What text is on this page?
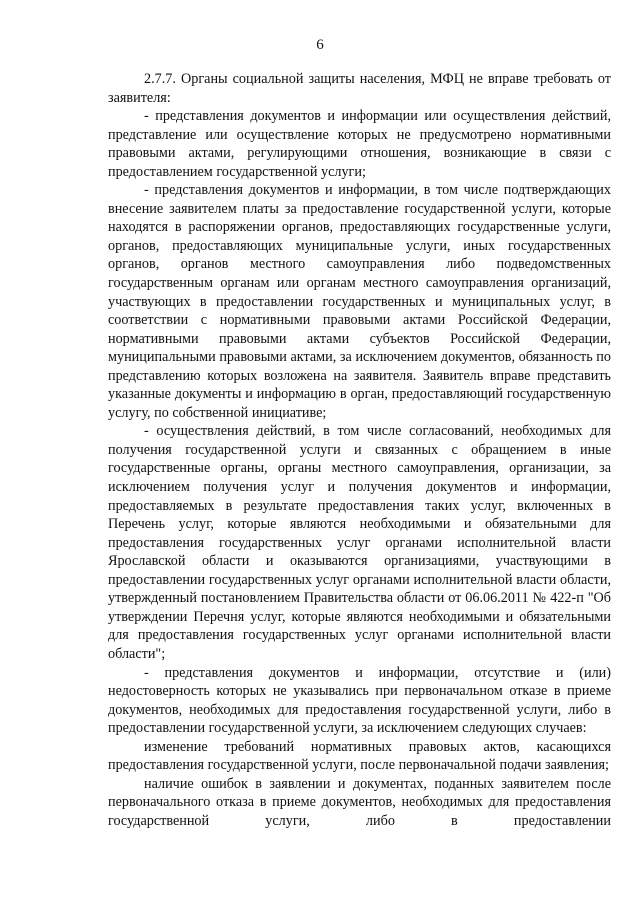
6

2.7.7. Органы социальной защиты населения, МФЦ не вправе требовать от заявителя:

- представления документов и информации или осуществления действий, представление или осуществление которых не предусмотрено нормативными правовыми актами, регулирующими отношения, возникающие в связи с предоставлением государственной услуги;

- представления документов и информации, в том числе подтверждающих внесение заявителем платы за предоставление государственной услуги, которые находятся в распоряжении органов, предоставляющих государственные услуги, органов, предоставляющих муниципальные услуги, иных государственных органов, органов местного самоуправления либо подведомственных государственным органам или органам местного самоуправления организаций, участвующих в предоставлении государственных и муниципальных услуг, в соответствии с нормативными правовыми актами Российской Федерации, нормативными правовыми актами субъектов Российской Федерации, муниципальными правовыми актами, за исключением документов, обязанность по представлению которых возложена на заявителя. Заявитель вправе представить указанные документы и информацию в орган, предоставляющий государственную услугу, по собственной инициативе;

- осуществления действий, в том числе согласований, необходимых для получения государственной услуги и связанных с обращением в иные государственные органы, органы местного самоуправления, организации, за исключением получения услуг и получения документов и информации, предоставляемых в результате предоставления таких услуг, включенных в Перечень услуг, которые являются необходимыми и обязательными для предоставления государственных услуг органами исполнительной власти Ярославской области и оказываются организациями, участвующими в предоставлении государственных услуг органами исполнительной власти области, утвержденный постановлением Правительства области от 06.06.2011 № 422-п "Об утверждении Перечня услуг, которые являются необходимыми и обязательными для предоставления государственных услуг органами исполнительной власти области";

- представления документов и информации, отсутствие и (или) недостоверность которых не указывались при первоначальном отказе в приеме документов, необходимых для предоставления государственной услуги, либо в предоставлении государственной услуги, за исключением следующих случаев:

изменение требований нормативных правовых актов, касающихся предоставления государственной услуги, после первоначальной подачи заявления;

наличие ошибок в заявлении и документах, поданных заявителем после первоначального отказа в приеме документов, необходимых для предоставления государственной услуги, либо в предоставлении
